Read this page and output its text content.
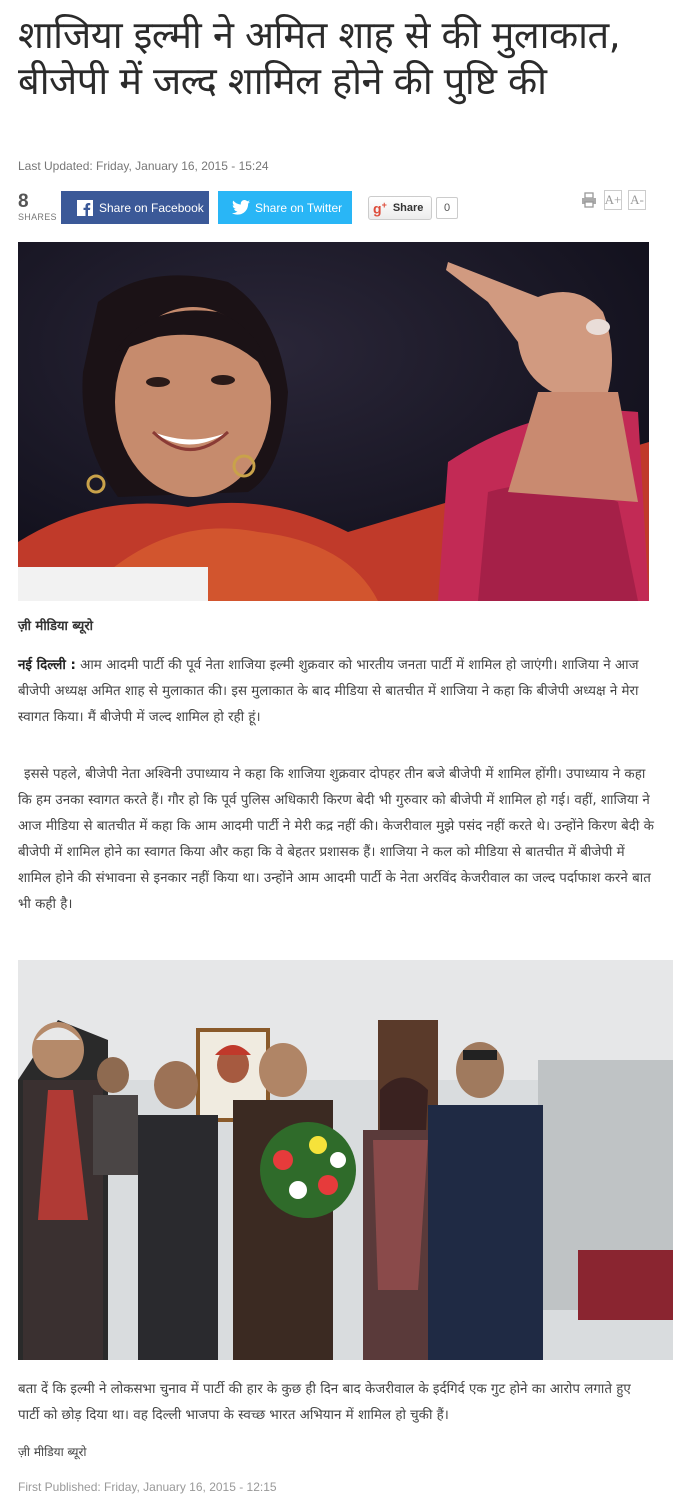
शाजिया इल्मी ने अमित शाह से की मुलाकात, बीजेपी में जल्द शामिल होने की पुष्टि की
Last Updated: Friday, January 16, 2015 - 15:24
8
SHARES
Share on Facebook	Share on Twitter g+ Share	0
A+ A-
ज़ी मीडिया ब्यूरो

नई दिल्ली : आम आदमी पार्टी की पूर्व नेता शाजिया इल्मी शुक्रवार को भारतीय जनता पार्टी में शामिल हो जाएंगी। शाजिया ने आज बीजेपी अध्यक्ष अमित शाह से मुलाकात की। इस मुलाकात के बाद मीडिया से बातचीत में शाजिया ने कहा कि बीजेपी अध्यक्ष ने मेरा स्वागत किया। मैं बीजेपी में जल्द शामिल हो रही हूं।

इससे पहले, बीजेपी नेता अश्विनी उपाध्याय ने कहा कि शाजिया शुक्रवार दोपहर तीन बजे बीजेपी में शामिल होंगी। उपाध्याय ने कहा कि हम उनका स्वागत करते हैं। गौर हो कि पूर्व पुलिस अधिकारी किरण बेदी भी गुरुवार को बीजेपी में शामिल हो गई। वहीं, शाजिया ने आज मीडिया से बातचीत में कहा कि आम आदमी पार्टी ने मेरी कद्र नहीं की। केजरीवाल मुझे पसंद नहीं करते थे। उन्होंने किरण बेदी के बीजेपी में शामिल होने का स्वागत किया और कहा कि वे बेहतर प्रशासक हैं। शाजिया ने कल को मीडिया से बातचीत में बीजेपी में शामिल होने की संभावना से इनकार नहीं किया था। उन्होंने आम आदमी पार्टी के नेता अरविंद केजरीवाल का जल्द पर्दाफाश करने बात भी कही है।

बता दें कि इल्मी ने लोकसभा चुनाव में पार्टी की हार के कुछ ही दिन बाद केजरीवाल के इर्दगिर्द एक गुट होने का आरोप लगाते हुए पार्टी को छोड़ दिया था। वह दिल्ली भाजपा के स्वच्छ भारत अभियान में शामिल हो चुकी हैं।

ज़ी मीडिया ब्यूरो
First Published: Friday, January 16, 2015 - 12:15
